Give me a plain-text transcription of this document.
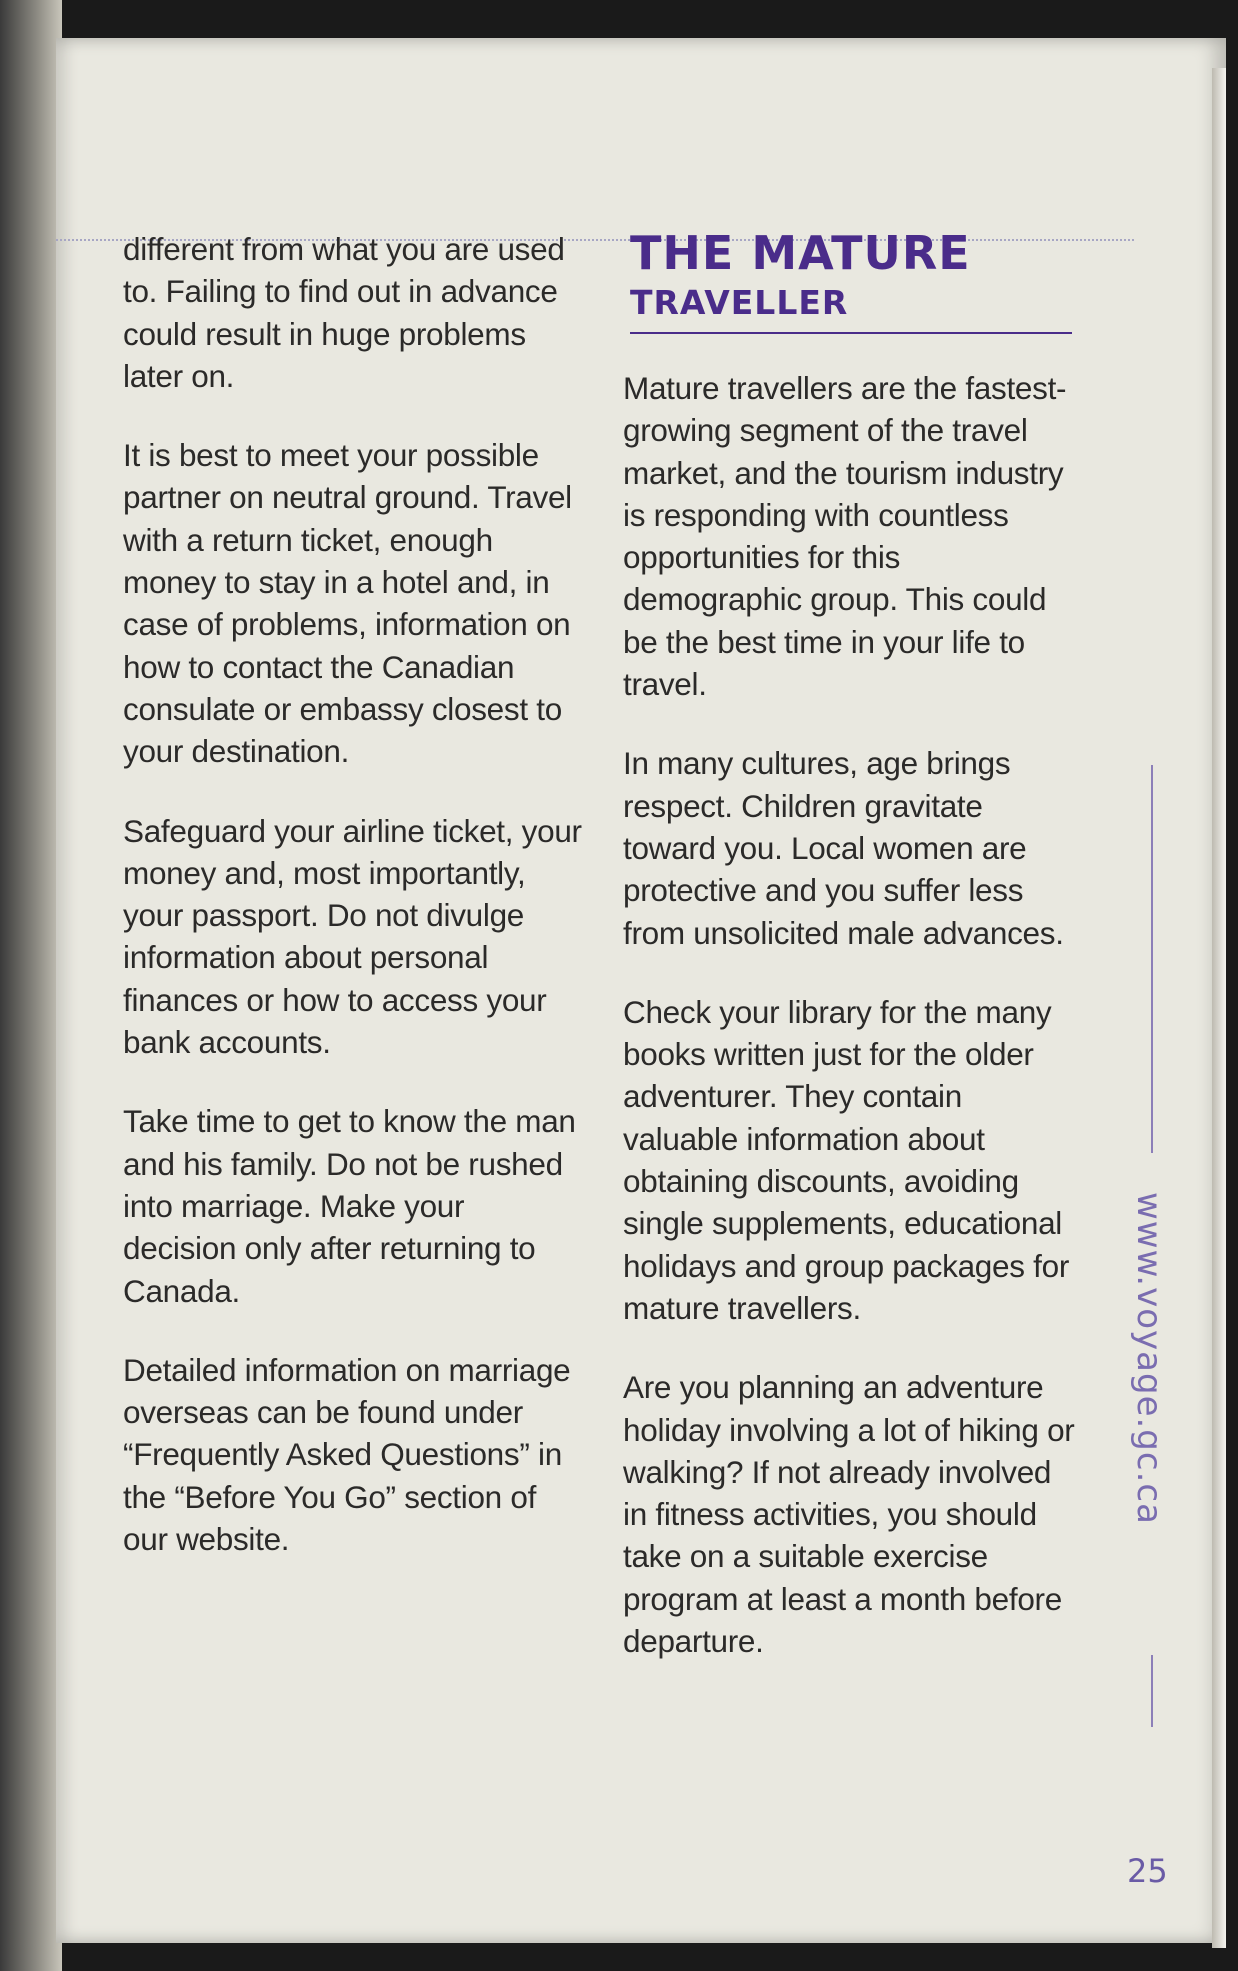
different from what you are used to. Failing to find out in advance could result in huge problems later on.

It is best to meet your possible partner on neutral ground. Travel with a return ticket, enough money to stay in a hotel and, in case of problems, information on how to contact the Canadian consulate or embassy closest to your destination.

Safeguard your airline ticket, your money and, most importantly, your passport. Do not divulge information about personal finances or how to access your bank accounts.

Take time to get to know the man and his family. Do not be rushed into marriage. Make your decision only after returning to Canada.

Detailed information on marriage overseas can be found under “Frequently Asked Questions” in the “Before You Go” section of our website.

THE MATURE
TRAVELLER

Mature travellers are the fastest-growing segment of the travel market, and the tourism industry is responding with countless opportunities for this demographic group. This could be the best time in your life to travel.

In many cultures, age brings respect. Children gravitate toward you. Local women are protective and you suffer less from unsolicited male advances.

Check your library for the many books written just for the older adventurer. They contain valuable information about obtaining discounts, avoiding single supplements, educational holidays and group packages for mature travellers.

Are you planning an adventure holiday involving a lot of hiking or walking? If not already involved in fitness activities, you should take on a suitable exercise program at least a month before departure.

www.voyage.gc.ca
25
